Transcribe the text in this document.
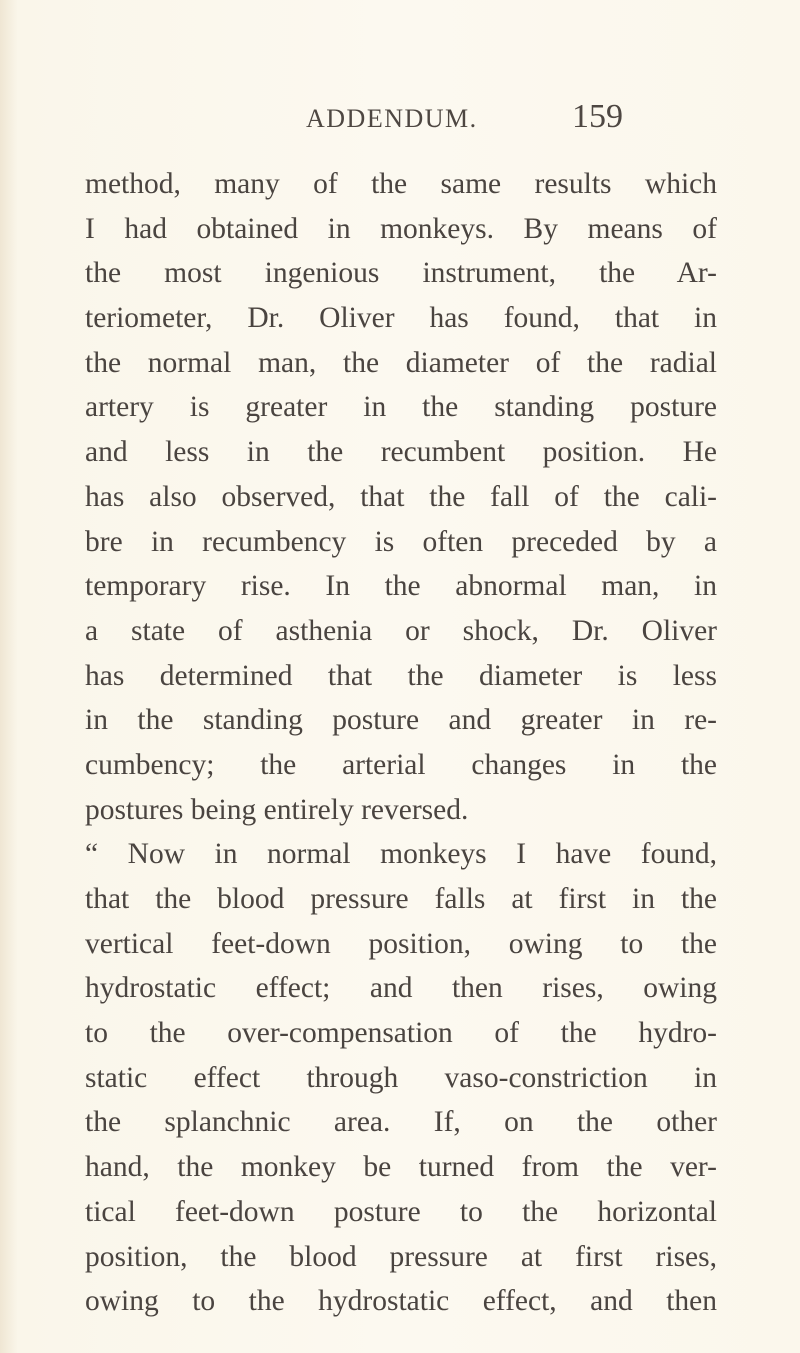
ADDENDUM.	159
method, many of the same results which
I had obtained in monkeys. By means of
the most ingenious instrument, the Ar-
teriometer, Dr. Oliver has found, that in
the normal man, the diameter of the radial
artery is greater in the standing posture
and less in the recumbent position. He
has also observed, that the fall of the cali-
bre in recumbency is often preceded by a
temporary rise. In the abnormal man, in
a state of asthenia or shock, Dr. Oliver
has determined that the diameter is less
in the standing posture and greater in re-
cumbency; the arterial changes in the
postures being entirely reversed.
“ Now in normal monkeys I have found,
that the blood pressure falls at first in the
vertical feet-down position, owing to the
hydrostatic effect; and then rises, owing
to the over-compensation of the hydro-
static effect through vaso-constriction in
the splanchnic area. If, on the other
hand, the monkey be turned from the ver-
tical feet-down posture to the horizontal
position, the blood pressure at first rises,
owing to the hydrostatic effect, and then
